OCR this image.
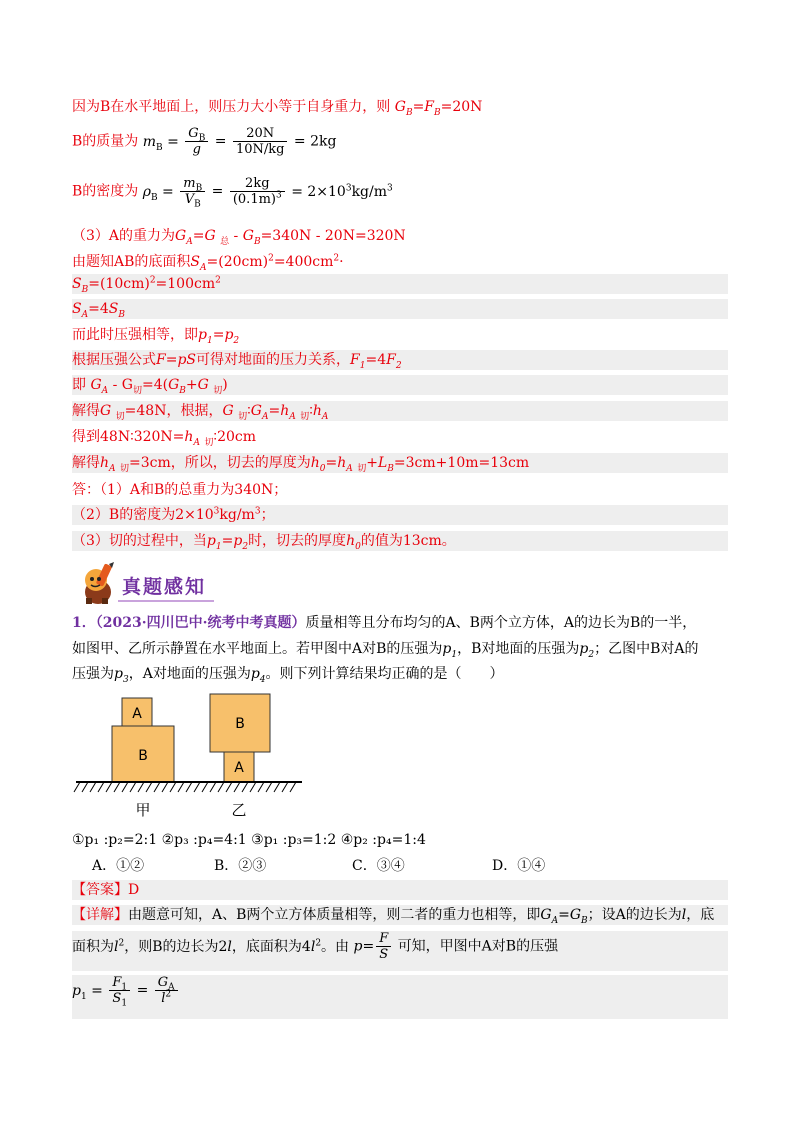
因为B在水平地面上，则压力大小等于自身重力，则 $G_B=F_B=20N$
B的质量为 $m_B = \frac{G_B}{g} = \frac{20N}{10N/kg} = 2kg$
B的密度为 $\rho_B = \frac{m_B}{V_B} = \frac{2kg}{(0.1m)^3} = 2\times 10^3kg/m^3$
（3）A的重力为$G_A=G$ $_总 - G_B=340N - 20N=320N$
由题知AB的底面积$S_A=(20cm)^2=400cm^2\cdot$
$S_B=(10cm)^2=100cm^2$
$S_A=4S_B$
而此时压强相等，即$p_1=p_2$
根据压强公式F=pS可得对地面的压力关系，$F_1=4F_2$
即 $G_A - G_切=4(G_B+G$ $_切$)
解得G $_切$=48N，根据，G $_切∶G_A=h_A$ $_切∶h_A$
得到$48N∶320N=h_A$ $_切$∶20cm
解得$h_A$ $_切$=3cm，所以，切去的厚度为$h_0=h_A$ $_切+L_B=3cm+10m=13cm$
答：（1）A和B的总重力为340N；
（2）B的密度为$2\times 10^3kg/m^3$；
（3）切的过程中，当$p_1=p_2$时，切去的厚度$h_0$的值为13cm。
真题感知
1．（2023·四川巴中·统考中考真题）质量相等且分布均匀的A、B两个立方体，A的边长为B的一半，
如图甲、乙所示静置在水平地面上。若甲图中A对B的压强为$p_1$，B对地面的压强为$p_2$；乙图中B对A的
压强为$p_3$，A对地面的压强为$p_4$。则下列计算结果均正确的是（　　）
A
B
B
A
甲	乙
①p₁ :p₂=2:1 ②p₃ :p₄=4:1 ③p₁ :p₃=1:2 ④p₂ :p₄=1:4
A．①②	B．②③	C．③④	D．①④
【答案】D
【详解】由题意可知，A、B两个立方体质量相等，则二者的重力也相等，即$G_A=G_B$；设A的边长为l，底
面积为$l^2$，则B的边长为2l，底面积为$4l^2$。由 $p= \frac{F}{S}$ 可知，甲图中A对B的压强
$p_1 = \frac{F_1}{S_1} = \frac{G_A}{l^2}$
